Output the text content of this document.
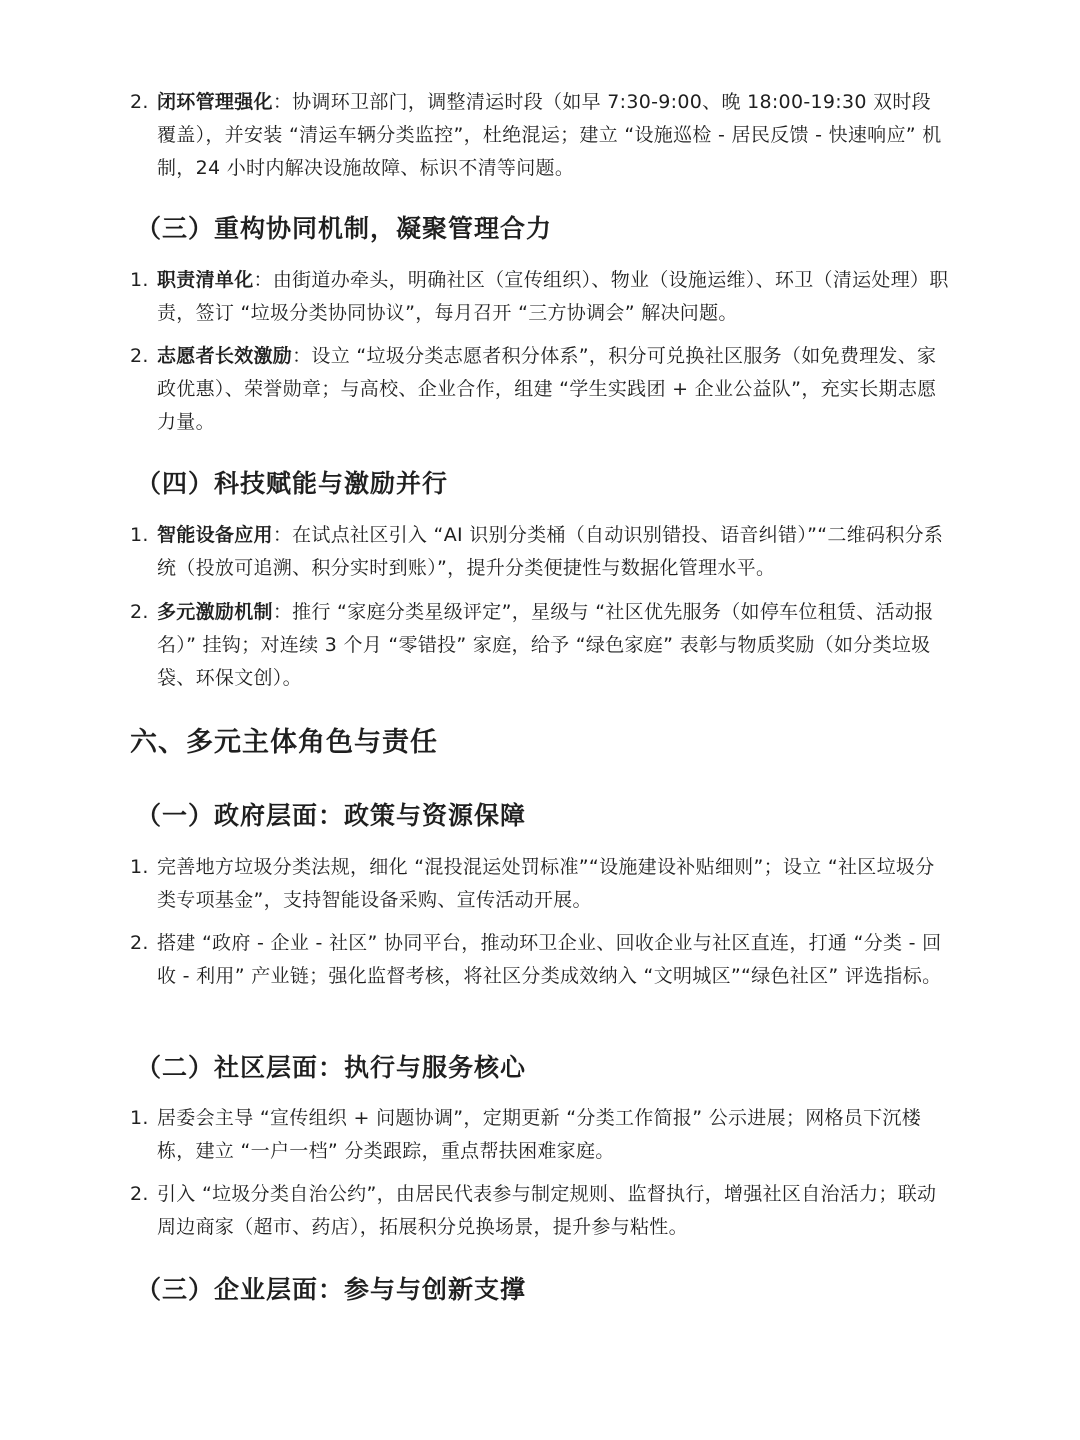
2. 闭环管理强化：协调环卫部门，调整清运时段（如早 7:30-9:00、晚 18:00-19:30 双时段覆盖），并安装 “清运车辆分类监控”，杜绝混运；建立 “设施巡检 - 居民反馈 - 快速响应” 机制，24 小时内解决设施故障、标识不清等问题。
（三）重构协同机制，凝聚管理合力
1. 职责清单化：由街道办牵头，明确社区（宣传组织）、物业（设施运维）、环卫（清运处理）职责，签订 “垃圾分类协同协议”，每月召开 “三方协调会” 解决问题。
2. 志愿者长效激励：设立 “垃圾分类志愿者积分体系”，积分可兑换社区服务（如免费理发、家政优惠）、荣誉勋章；与高校、企业合作，组建 “学生实践团 + 企业公益队”，充实长期志愿力量。
（四）科技赋能与激励并行
1. 智能设备应用：在试点社区引入 “AI 识别分类桶（自动识别错投、语音纠错）”“二维码积分系统（投放可追溯、积分实时到账）”，提升分类便捷性与数据化管理水平。
2. 多元激励机制：推行 “家庭分类星级评定”，星级与 “社区优先服务（如停车位租赁、活动报名）” 挂钩；对连续 3 个月 “零错投” 家庭，给予 “绿色家庭” 表彰与物质奖励（如分类垃圾袋、环保文创）。
六、多元主体角色与责任
（一）政府层面：政策与资源保障
1. 完善地方垃圾分类法规，细化 “混投混运处罚标准”“设施建设补贴细则”；设立 “社区垃圾分类专项基金”，支持智能设备采购、宣传活动开展。
2. 搭建 “政府 - 企业 - 社区” 协同平台，推动环卫企业、回收企业与社区直连，打通 “分类 - 回收 - 利用” 产业链；强化监督考核，将社区分类成效纳入 “文明城区”“绿色社区” 评选指标。
（二）社区层面：执行与服务核心
1. 居委会主导 “宣传组织 + 问题协调”，定期更新 “分类工作简报” 公示进展；网格员下沉楼栋，建立 “一户一档” 分类跟踪，重点帮扶困难家庭。
2. 引入 “垃圾分类自治公约”，由居民代表参与制定规则、监督执行，增强社区自治活力；联动周边商家（超市、药店），拓展积分兑换场景，提升参与粘性。
（三）企业层面：参与与创新支撑
